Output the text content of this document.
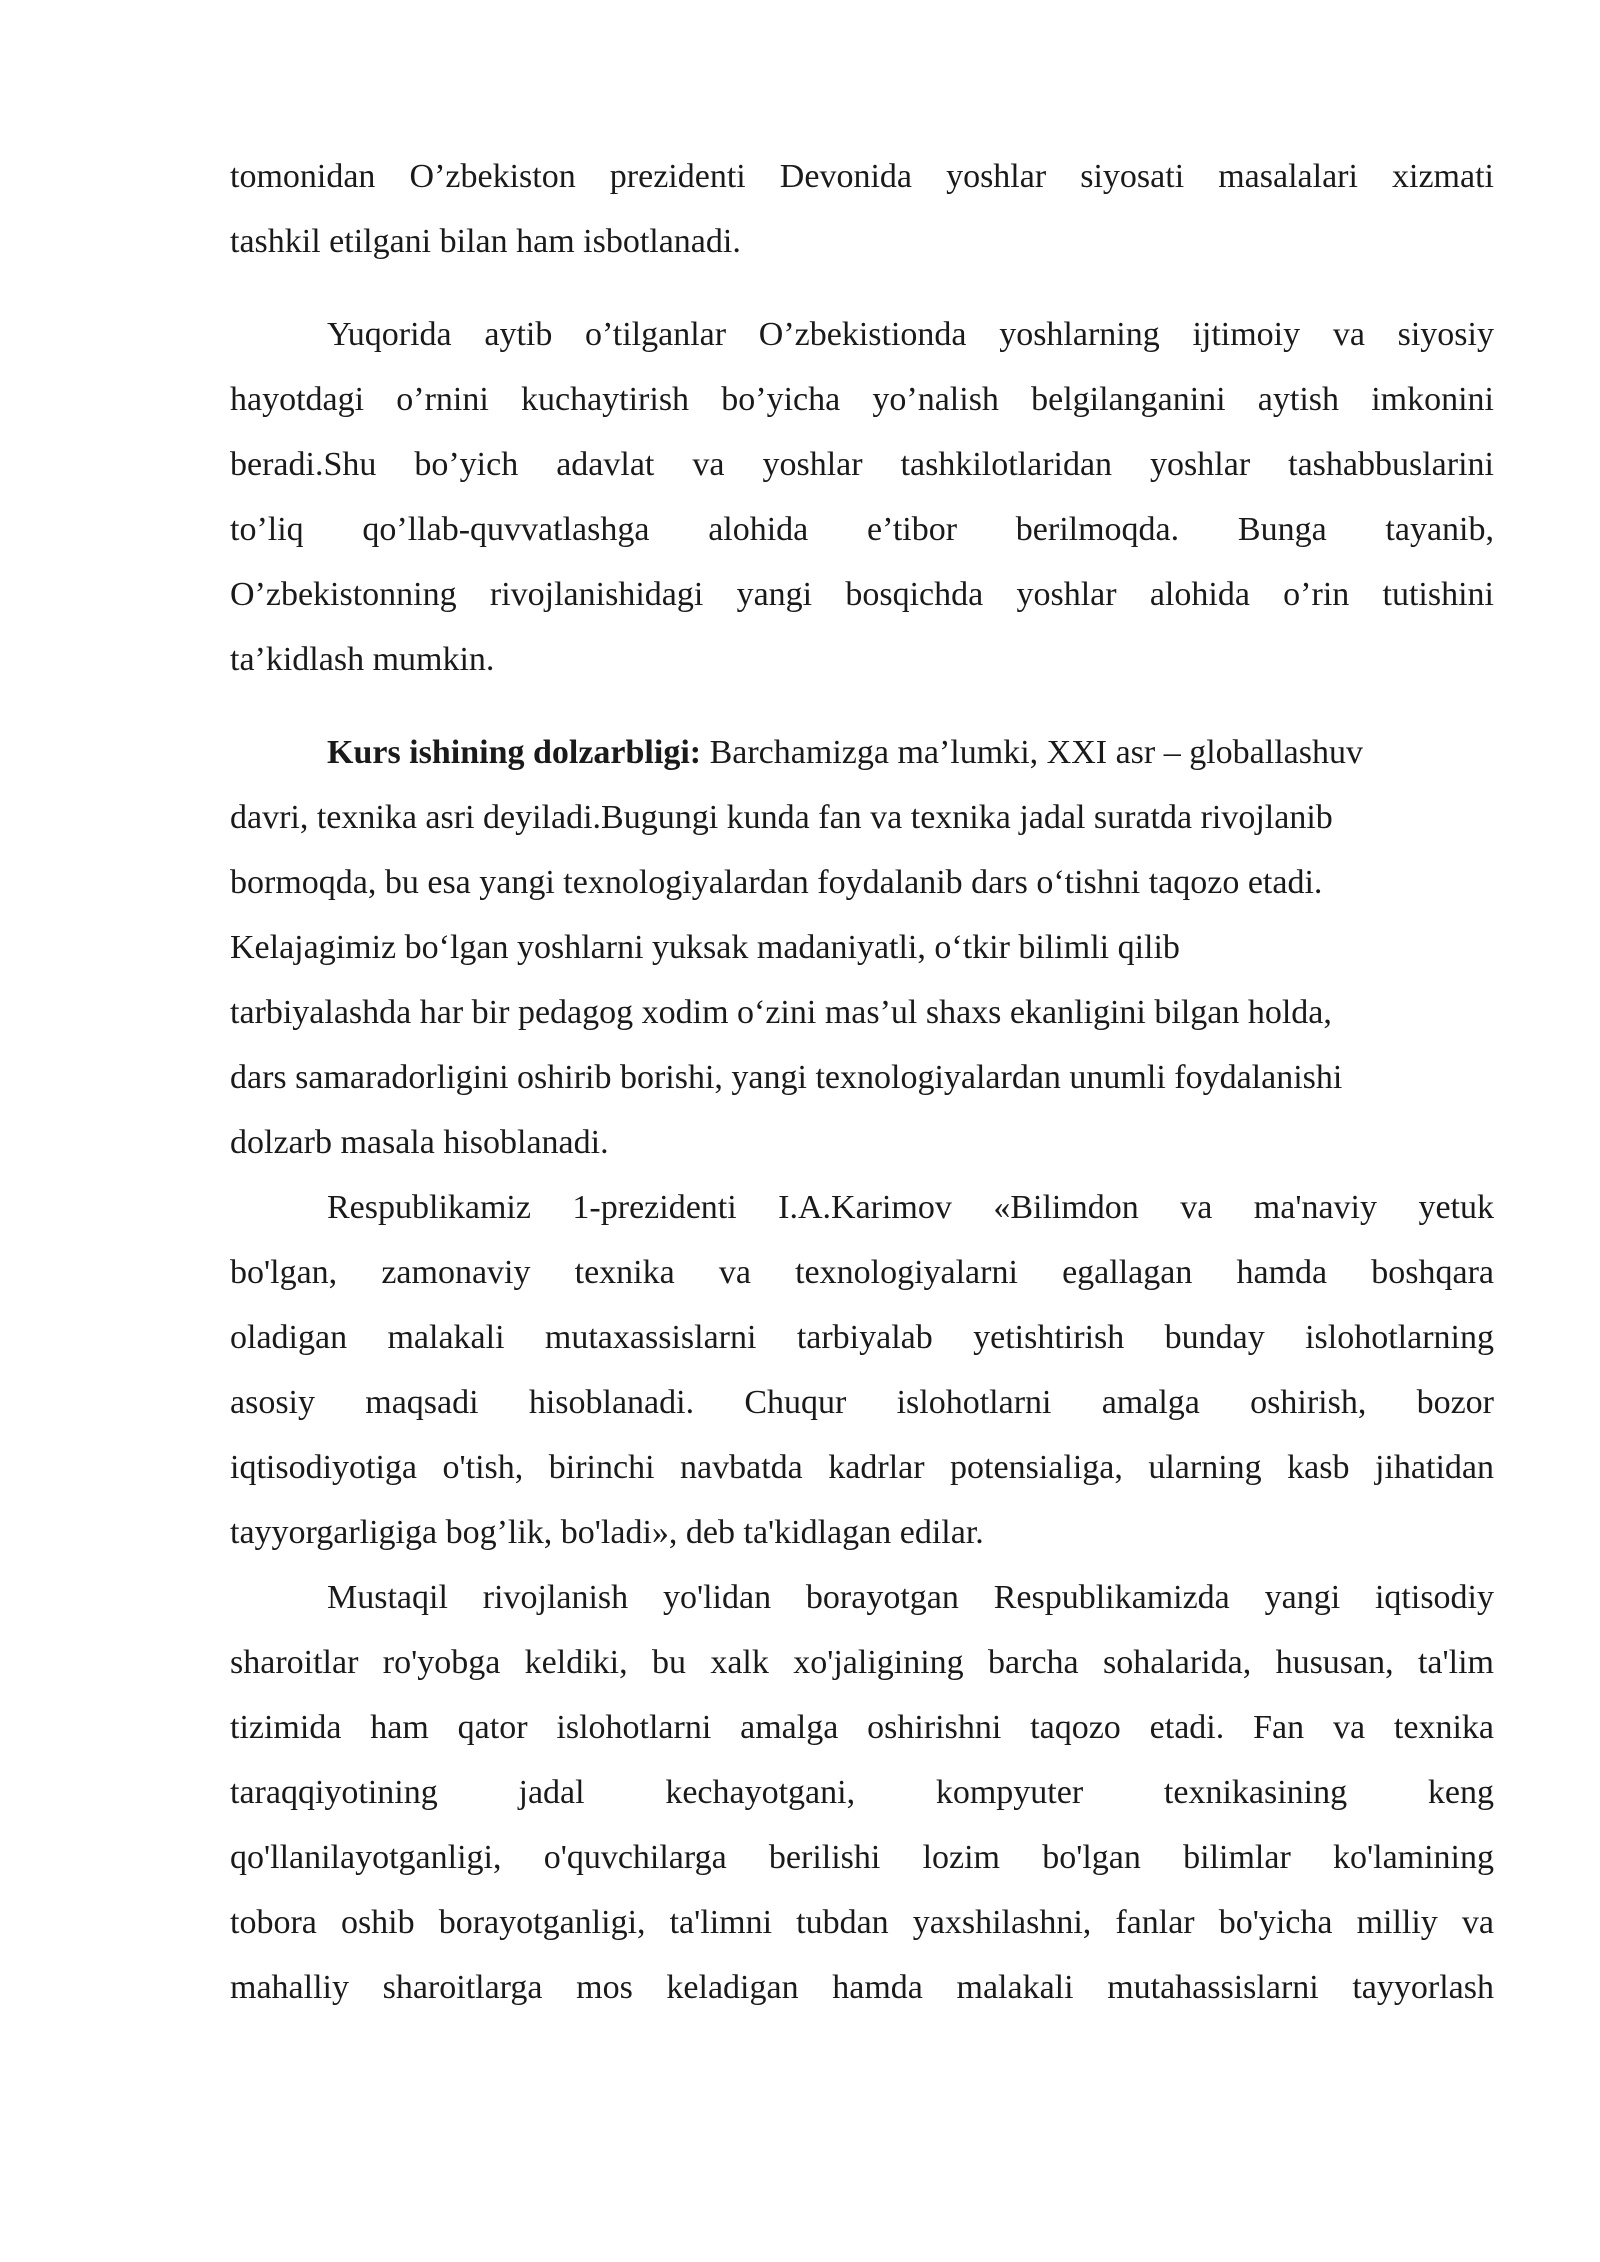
tomonidan O’zbekiston prezidenti Devonida yoshlar siyosati masalalari xizmati
tashkil etilgani bilan ham isbotlanadi.
Yuqorida aytib o’tilganlar O’zbekistionda yoshlarning ijtimoiy va siyosiy
hayotdagi o’rnini kuchaytirish bo’yicha yo’nalish belgilanganini aytish imkonini
beradi.Shu bo’yich adavlat va yoshlar tashkilotlaridan yoshlar tashabbuslarini
to’liq qo’llab-quvvatlashga alohida e’tibor berilmoqda. Bunga tayanib,
O’zbekistonning rivojlanishidagi yangi bosqichda yoshlar alohida o’rin tutishini
ta’kidlash mumkin.
Kurs ishining dolzarbligi: Barchamizga ma’lumki, XXI asr – globallashuv
davri, texnika asri deyiladi.Bugungi kunda fan va texnika jadal suratda rivojlanib
bormoqda, bu esa yangi texnologiyalardan foydalanib dars oʻtishni taqozo etadi.
Kelajagimiz boʻlgan yoshlarni yuksak madaniyatli, oʻtkir bilimli qilib
tarbiyalashda har bir pedagog xodim oʻzini mas’ul shaxs ekanligini bilgan holda,
dars samaradorligini oshirib borishi, yangi texnologiyalardan unumli foydalanishi
dolzarb masala hisoblanadi.
Respublikamiz 1-prezidenti I.A.Karimov «Bilimdon va ma'naviy yetuk
bo'lgan, zamonaviy texnika va texnologiyalarni egallagan hamda boshqara
oladigan malakali mutaxassislarni tarbiyalab yetishtirish bunday islohotlarning
asosiy maqsadi hisoblanadi. Chuqur islohotlarni amalga oshirish, bozor
iqtisodiyotiga o'tish, birinchi navbatda kadrlar potensialiga, ularning kasb jihatidan
tayyorgarligiga bog’lik, bo'ladi», deb ta'kidlagan edilar.
Mustaqil rivojlanish yo'lidan borayotgan Respublikamizda yangi iqtisodiy
sharoitlar ro'yobga keldiki, bu xalk xo'jaligining barcha sohalarida, hususan, ta'lim
tizimida ham qator islohotlarni amalga oshirishni taqozo etadi. Fan va texnika
taraqqiyotining jadal kechayotgani, kompyuter texnikasining keng
qo'llanilayotganligi, o'quvchilarga berilishi lozim bo'lgan bilimlar ko'lamining
tobora oshib borayotganligi, ta'limni tubdan yaxshilashni, fanlar bo'yicha milliy va
mahalliy sharoitlarga mos keladigan hamda malakali mutahassislarni tayyorlash
